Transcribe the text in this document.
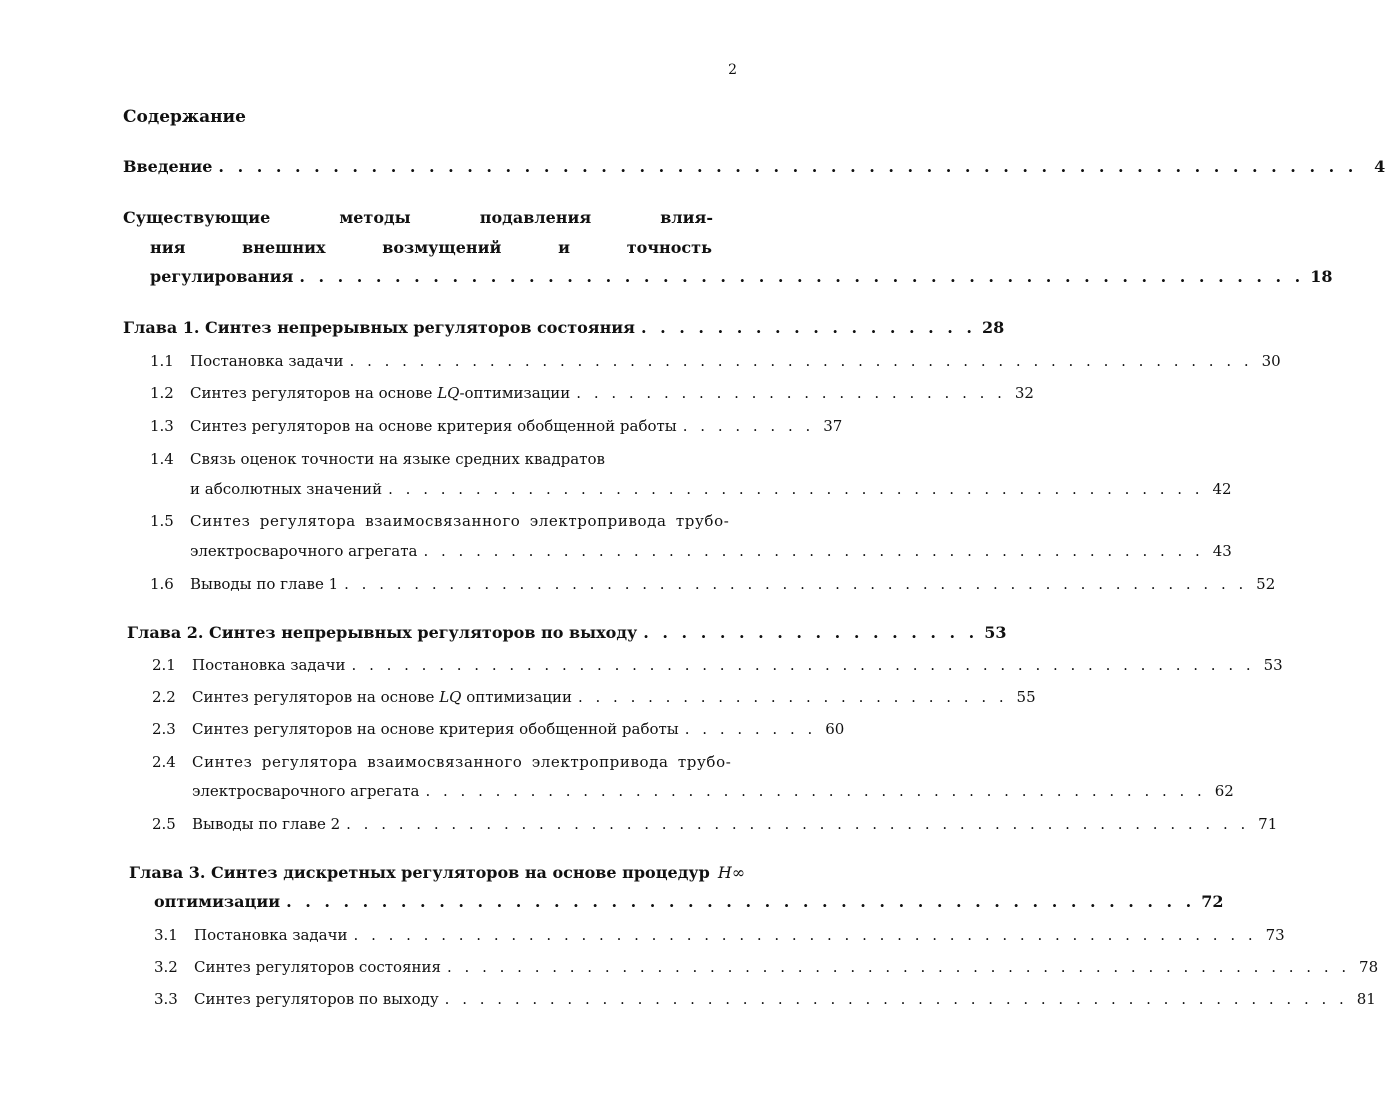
2
Содержание
Введение . . . . . . . . . . . . . . . . . . . . . . . . . . . . . . . . . . . . . . . . . . . . . . . . . . . . . . . . . . . .	4
Существующие	методы	подавления	влия-
ния	внешних	возмущений	и	точность
регулирования . . . . . . . . . . . . . . . . . . . . . . . . . . . . . . . . . . . . . . . . . . . . . . . . . . . . . 18
Глава 1. Синтез непрерывных регуляторов состояния . . . . . . . . . . . . . . . . . . 28
1.1 Постановка задачи . . . . . . . . . . . . . . . . . . . . . . . . . . . . . . . . . . . . . . . . . . . . . . . . . . . . 30
1.2 Синтез регуляторов на основе LQ-оптимизации . . . . . . . . . . . . . . . . . . . . . . . . . 32
1.3 Синтез регуляторов на основе критерия обобщенной работы . . . . . . . . 37
1.4 Связь оценок точности на языке средних квадратов
и абсолютных значений . . . . . . . . . . . . . . . . . . . . . . . . . . . . . . . . . . . . . . . . . . . . . . . 42
1.5	Синтез регулятора взаимосвязанного электропривода трубо-
электросварочного агрегата . . . . . . . . . . . . . . . . . . . . . . . . . . . . . . . . . . . . . . . . . . . . . 43
1.6 Выводы по главе 1 . . . . . . . . . . . . . . . . . . . . . . . . . . . . . . . . . . . . . . . . . . . . . . . . . . . . 52
Глава 2. Синтез непрерывных регуляторов по выходу . . . . . . . . . . . . . . . . . . 53
2.1 Постановка задачи . . . . . . . . . . . . . . . . . . . . . . . . . . . . . . . . . . . . . . . . . . . . . . . . . . . . 53
2.2 Синтез регуляторов на основе LQ оптимизации . . . . . . . . . . . . . . . . . . . . . . . . . 55
2.3 Синтез регуляторов на основе критерия обобщенной работы . . . . . . . . 60
2.4	Синтез регулятора взаимосвязанного электропривода трубо-
электросварочного агрегата . . . . . . . . . . . . . . . . . . . . . . . . . . . . . . . . . . . . . . . . . . . . . 62
2.5 Выводы по главе 2 . . . . . . . . . . . . . . . . . . . . . . . . . . . . . . . . . . . . . . . . . . . . . . . . . . . . 71
Глава 3. Синтез дискретных регуляторов на основе процедур H∞
оптимизации . . . . . . . . . . . . . . . . . . . . . . . . . . . . . . . . . . . . . . . . . . . . . . . . 72
3.1 Постановка задачи . . . . . . . . . . . . . . . . . . . . . . . . . . . . . . . . . . . . . . . . . . . . . . . . . . . . 73
3.2 Синтез регуляторов состояния . . . . . . . . . . . . . . . . . . . . . . . . . . . . . . . . . . . . . . . . . . . . . . . . . . . . 78
3.3 Синтез регуляторов по выходу . . . . . . . . . . . . . . . . . . . . . . . . . . . . . . . . . . . . . . . . . . . . . . . . . . . . 81
